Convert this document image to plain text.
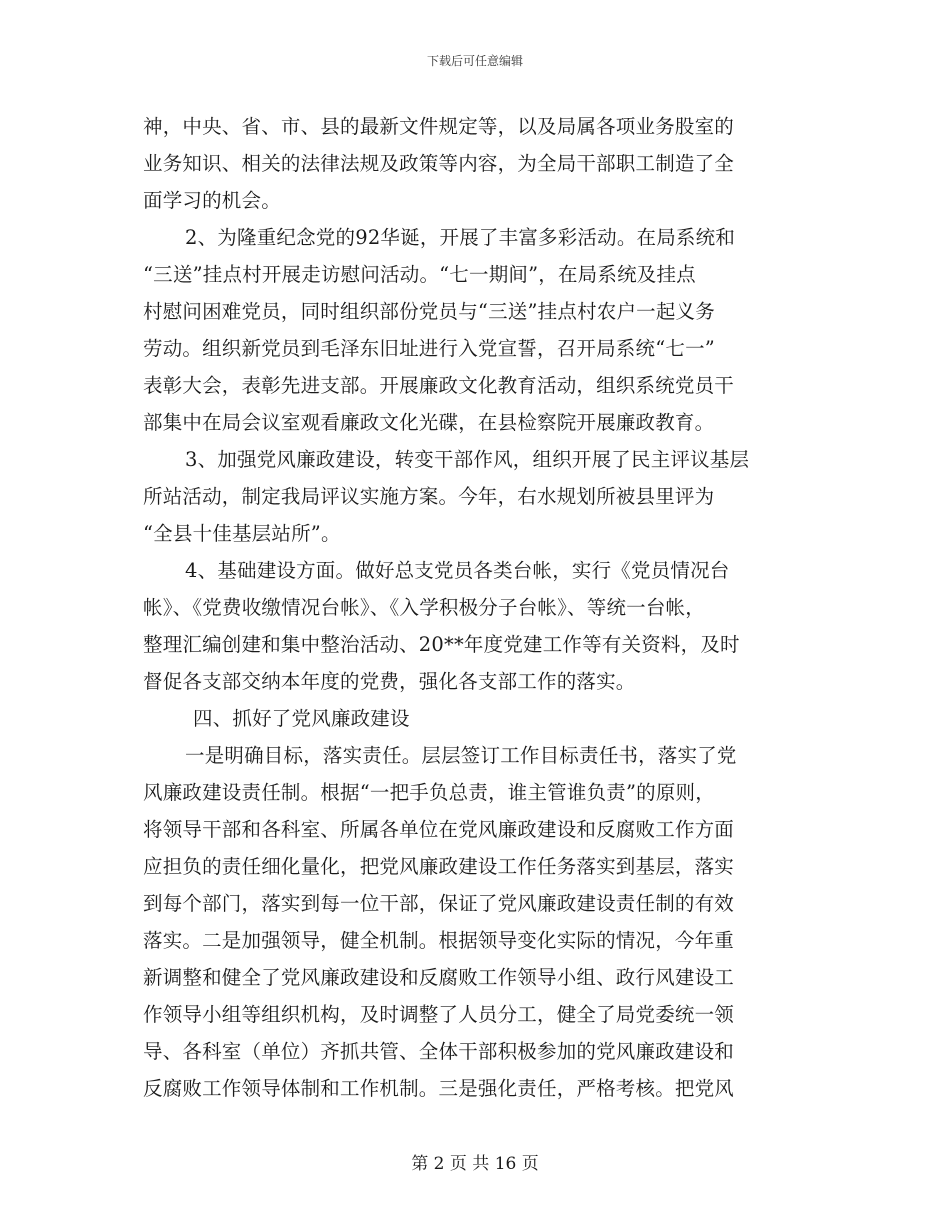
下载后可任意编辑
神，中央、省、市、县的最新文件规定等，以及局属各项业务股室的
业务知识、相关的法律法规及政策等内容，为全局干部职工制造了全
面学习的机会。
2、为隆重纪念党的92华诞，开展了丰富多彩活动。在局系统和
“三送”挂点村开展走访慰问活动。“七一期间”，在局系统及挂点
村慰问困难党员，同时组织部份党员与“三送”挂点村农户一起义务
劳动。组织新党员到毛泽东旧址进行入党宣誓，召开局系统“七一”
表彰大会，表彰先进支部。开展廉政文化教育活动，组织系统党员干
部集中在局会议室观看廉政文化光碟，在县检察院开展廉政教育。
3、加强党风廉政建设，转变干部作风，组织开展了民主评议基层
所站活动，制定我局评议实施方案。今年，右水规划所被县里评为
“全县十佳基层站所”。
4、基础建设方面。做好总支党员各类台帐，实行《党员情况台
帐》、《党费收缴情况台帐》、《入学积极分子台帐》、等统一台帐，
整理汇编创建和集中整治活动、20**年度党建工作等有关资料，及时
督促各支部交纳本年度的党费，强化各支部工作的落实。
四、抓好了党风廉政建设
一是明确目标，落实责任。层层签订工作目标责任书，落实了党
风廉政建设责任制。根据“一把手负总责，谁主管谁负责”的原则，
将领导干部和各科室、所属各单位在党风廉政建设和反腐败工作方面
应担负的责任细化量化，把党风廉政建设工作任务落实到基层，落实
到每个部门，落实到每一位干部，保证了党风廉政建设责任制的有效
落实。二是加强领导，健全机制。根据领导变化实际的情况，今年重
新调整和健全了党风廉政建设和反腐败工作领导小组、政行风建设工
作领导小组等组织机构，及时调整了人员分工，健全了局党委统一领
导、各科室（单位）齐抓共管、全体干部积极参加的党风廉政建设和
反腐败工作领导体制和工作机制。三是强化责任，严格考核。把党风
第 2 页 共 16 页
